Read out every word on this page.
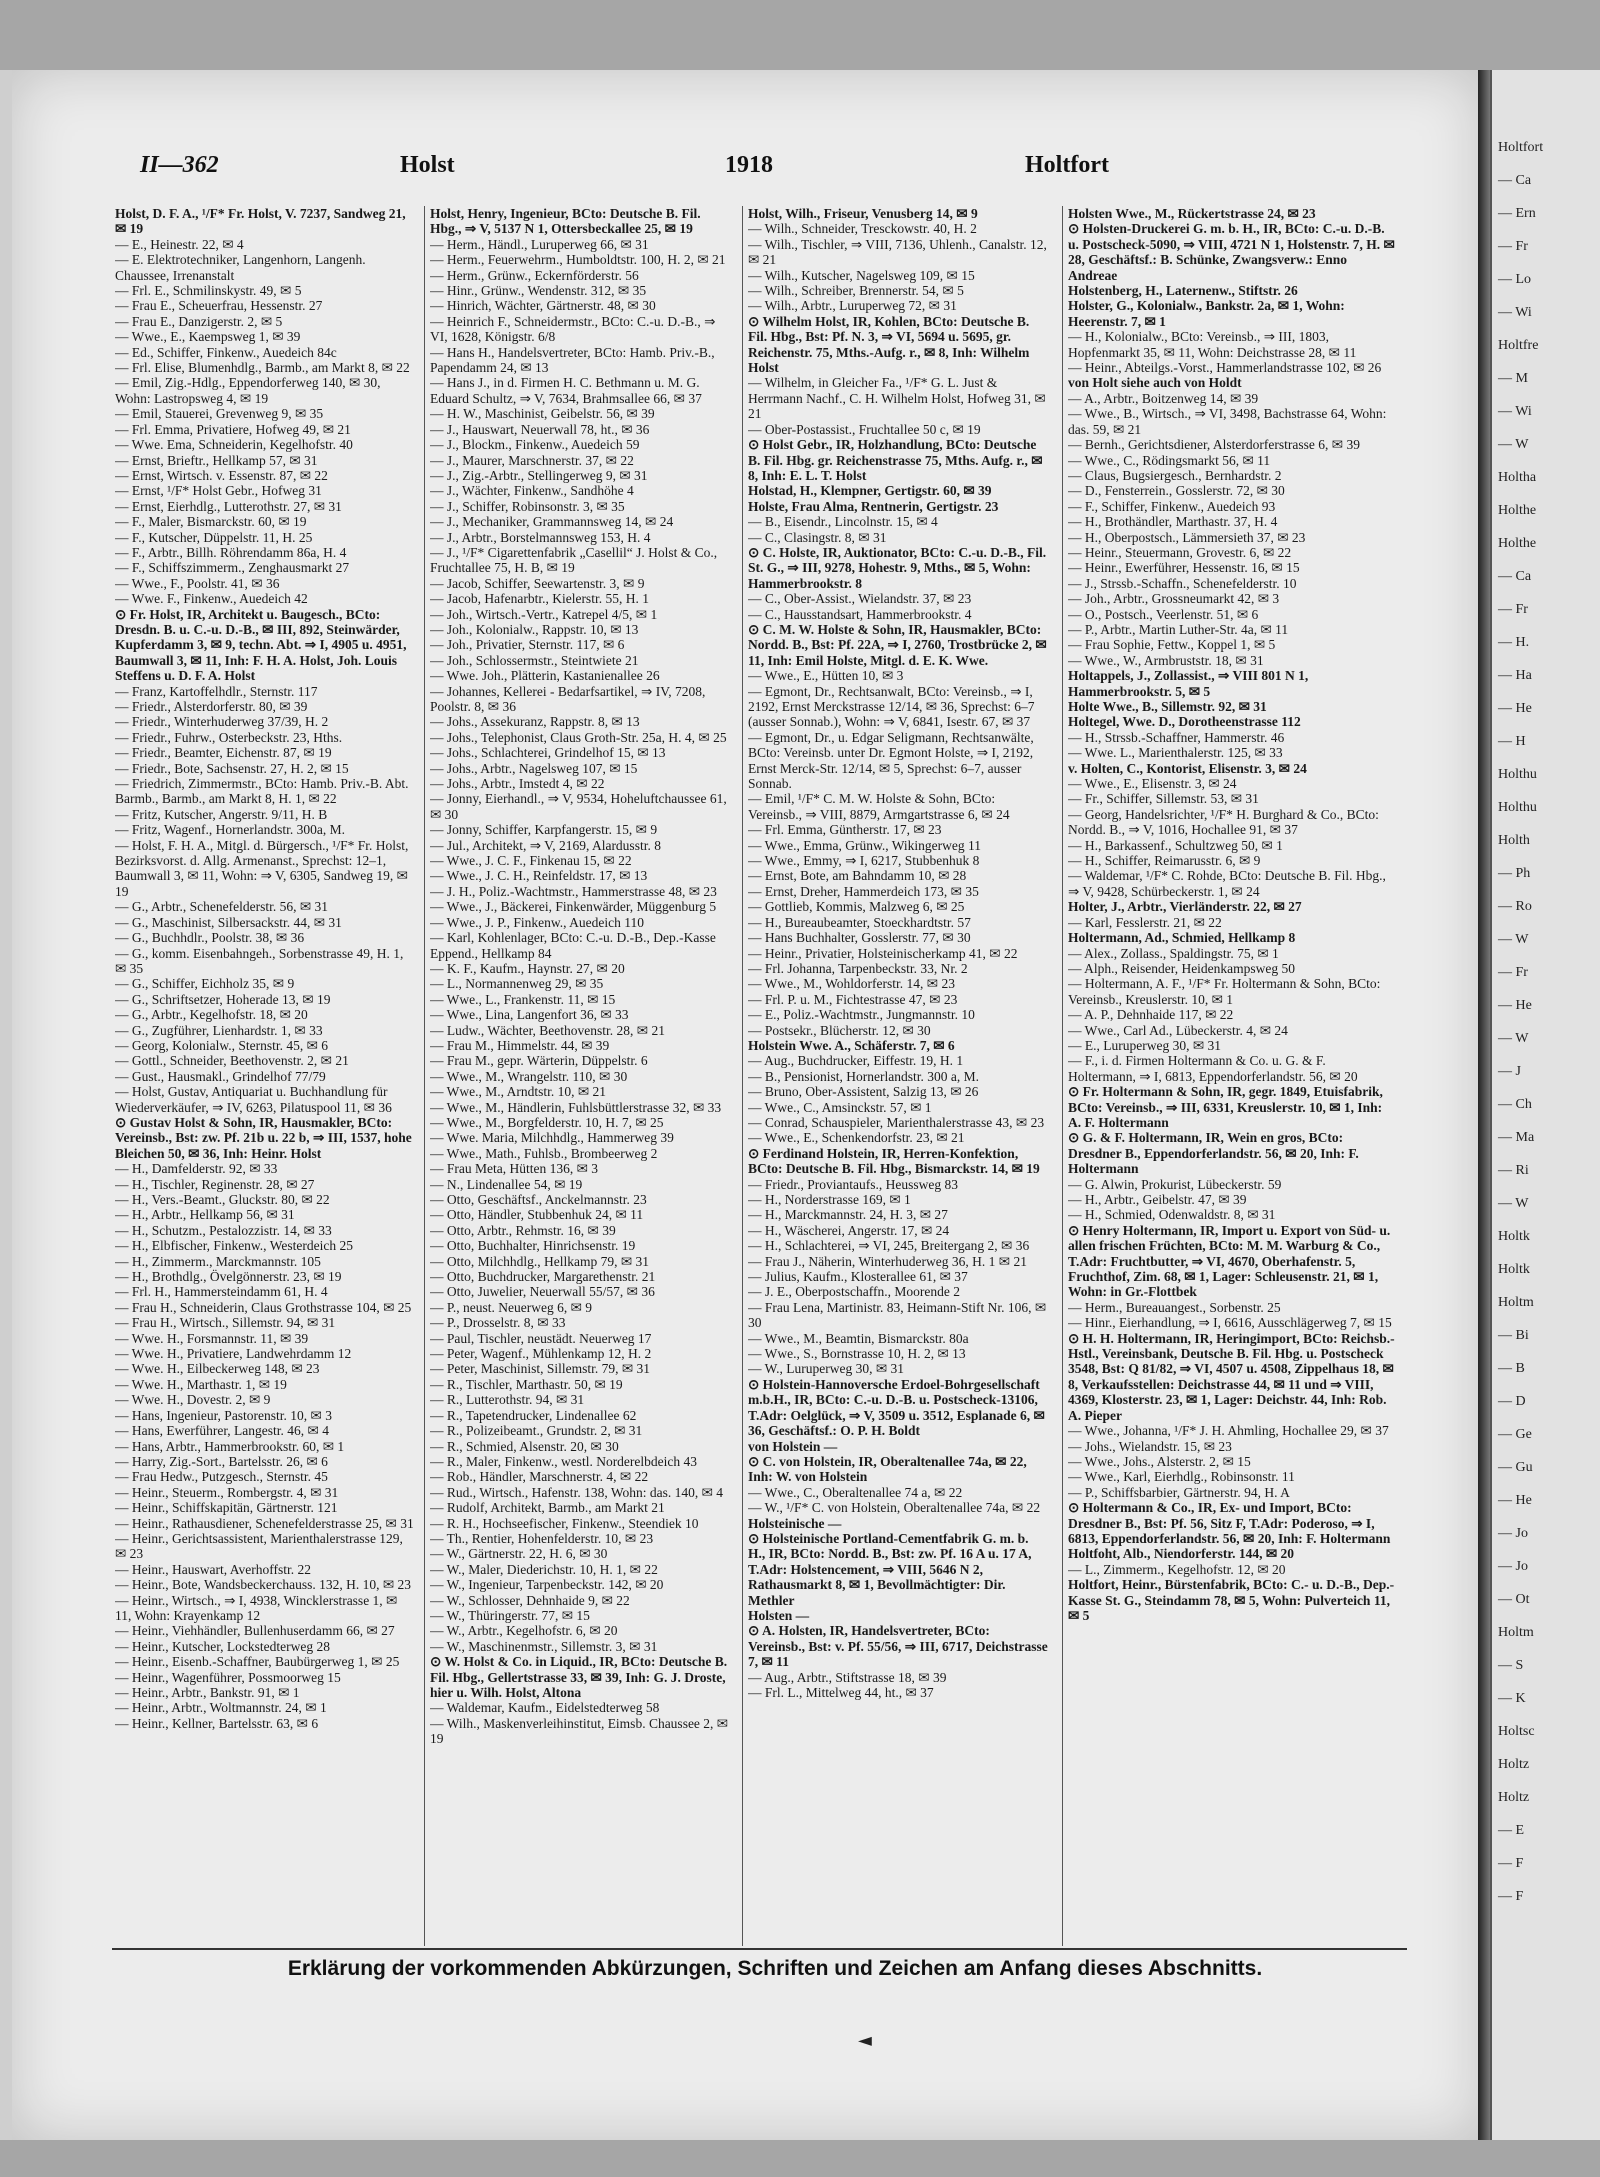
Holtfort
— Ca
— Ern
— Fr
— Lo
— Wi
Holtfre
— M
— Wi
— W
Holtha
Holthe
Holthe
— Ca
— Fr
— H.
— Ha
— He
— H
Holthu
Holthu
Holth
— Ph
— Ro
— W
— Fr
— He
— W
— J
— Ch
— Ma
— Ri
— W
Holtk
Holtk
Holtm
— Bi
— B
— D
— Ge
— Gu
— He
— Jo
— Jo
— Ot
Holtm
— S
— K
Holtsc
Holtz
Holtz
— E
— F
— F
II—362	Holst	1918	Holtfort
Holst, D. F. A., ¹/F* Fr. Holst, V. 7237, Sandweg 21, ✉ 19
— E., Heinestr. 22, ✉ 4
— E. Elektrotechniker, Langenhorn, Langenh. Chaussee, Irrenanstalt
— Frl. E., Schmilinskystr. 49, ✉ 5
— Frau E., Scheuerfrau, Hessenstr. 27
— Frau E., Danzigerstr. 2, ✉ 5
— Wwe., E., Kaempsweg 1, ✉ 39
— Ed., Schiffer, Finkenw., Auedeich 84c
— Frl. Elise, Blumenhdlg., Barmb., am Markt 8, ✉ 22
— Emil, Zig.-Hdlg., Eppendorferweg 140, ✉ 30, Wohn: Lastropsweg 4, ✉ 19
— Emil, Stauerei, Grevenweg 9, ✉ 35
— Frl. Emma, Privatiere, Hofweg 49, ✉ 21
— Wwe. Ema, Schneiderin, Kegelhofstr. 40
— Ernst, Brieftr., Hellkamp 57, ✉ 31
— Ernst, Wirtsch. v. Essenstr. 87, ✉ 22
— Ernst, ¹/F* Holst Gebr., Hofweg 31
— Ernst, Eierhdlg., Lutterothstr. 27, ✉ 31
— F., Maler, Bismarckstr. 60, ✉ 19
— F., Kutscher, Düppelstr. 11, H. 25
— F., Arbtr., Billh. Röhrendamm 86a, H. 4
— F., Schiffszimmerm., Zenghausmarkt 27
— Wwe., F., Poolstr. 41, ✉ 36
— Wwe. F., Finkenw., Auedeich 42
⊙ Fr. Holst, IR, Architekt u. Baugesch., BCto: Dresdn. B. u. C.-u. D.-B., ✉ III, 892, Steinwärder, Kupferdamm 3, ✉ 9, techn. Abt. ⇒ I, 4905 u. 4951, Baumwall 3, ✉ 11, Inh: F. H. A. Holst, Joh. Louis Steffens u. D. F. A. Holst
— Franz, Kartoffelhdlr., Sternstr. 117
— Friedr., Alsterdorferstr. 80, ✉ 39
— Friedr., Winterhuderweg 37/39, H. 2
— Friedr., Fuhrw., Osterbeckstr. 23, Hths.
— Friedr., Beamter, Eichenstr. 87, ✉ 19
— Friedr., Bote, Sachsenstr. 27, H. 2, ✉ 15
— Friedrich, Zimmermstr., BCto: Hamb. Priv.-B. Abt. Barmb., Barmb., am Markt 8, H. 1, ✉ 22
— Fritz, Kutscher, Angerstr. 9/11, H. B
— Fritz, Wagenf., Hornerlandstr. 300a, M.
— Holst, F. H. A., Mitgl. d. Bürgersch., ¹/F* Fr. Holst, Bezirksvorst. d. Allg. Armenanst., Sprechst: 12–1, Baumwall 3, ✉ 11, Wohn: ⇒ V, 6305, Sandweg 19, ✉ 19
— G., Arbtr., Schenefelderstr. 56, ✉ 31
— G., Maschinist, Silbersackstr. 44, ✉ 31
— G., Buchhdlr., Poolstr. 38, ✉ 36
— G., komm. Eisenbahngeh., Sorbenstrasse 49, H. 1, ✉ 35
— G., Schiffer, Eichholz 35, ✉ 9
— G., Schriftsetzer, Hoherade 13, ✉ 19
— G., Arbtr., Kegelhofstr. 18, ✉ 20
— G., Zugführer, Lienhardstr. 1, ✉ 33
— Georg, Kolonialw., Sternstr. 45, ✉ 6
— Gottl., Schneider, Beethovenstr. 2, ✉ 21
— Gust., Hausmakl., Grindelhof 77/79
— Holst, Gustav, Antiquariat u. Buchhandlung für Wiederverkäufer, ⇒ IV, 6263, Pilatuspool 11, ✉ 36
⊙ Gustav Holst & Sohn, IR, Hausmakler, BCto: Vereinsb., Bst: zw. Pf. 21b u. 22 b, ⇒ III, 1537, hohe Bleichen 50, ✉ 36, Inh: Heinr. Holst
— H., Damfelderstr. 92, ✉ 33
— H., Tischler, Reginenstr. 28, ✉ 27
— H., Vers.-Beamt., Gluckstr. 80, ✉ 22
— H., Arbtr., Hellkamp 56, ✉ 31
— H., Schutzm., Pestalozzistr. 14, ✉ 33
— H., Elbfischer, Finkenw., Westerdeich 25
— H., Zimmerm., Marckmannstr. 105
— H., Brothdlg., Övelgönnerstr. 23, ✉ 19
— Frl. H., Hammersteindamm 61, H. 4
— Frau H., Schneiderin, Claus Grothstrasse 104, ✉ 25
— Frau H., Wirtsch., Sillemstr. 94, ✉ 31
— Wwe. H., Forsmannstr. 11, ✉ 39
— Wwe. H., Privatiere, Landwehrdamm 12
— Wwe. H., Eilbeckerweg 148, ✉ 23
— Wwe. H., Marthastr. 1, ✉ 19
— Wwe. H., Dovestr. 2, ✉ 9
— Hans, Ingenieur, Pastorenstr. 10, ✉ 3
— Hans, Ewerführer, Langestr. 46, ✉ 4
— Hans, Arbtr., Hammerbrookstr. 60, ✉ 1
— Harry, Zig.-Sort., Bartelsstr. 26, ✉ 6
— Frau Hedw., Putzgesch., Sternstr. 45
— Heinr., Steuerm., Rombergstr. 4, ✉ 31
— Heinr., Schiffskapitän, Gärtnerstr. 121
— Heinr., Rathausdiener, Schenefelderstrasse 25, ✉ 31
— Heinr., Gerichtsassistent, Marienthalerstrasse 129, ✉ 23
— Heinr., Hauswart, Averhoffstr. 22
— Heinr., Bote, Wandsbeckerchauss. 132, H. 10, ✉ 23
— Heinr., Wirtsch., ⇒ I, 4938, Wincklerstrasse 1, ✉ 11, Wohn: Krayenkamp 12
— Heinr., Viehhändler, Bullenhuserdamm 66, ✉ 27
— Heinr., Kutscher, Lockstedterweg 28
— Heinr., Eisenb.-Schaffner, Baubürgerweg 1, ✉ 25
— Heinr., Wagenführer, Possmoorweg 15
— Heinr., Arbtr., Bankstr. 91, ✉ 1
— Heinr., Arbtr., Woltmannstr. 24, ✉ 1
— Heinr., Kellner, Bartelsstr. 63, ✉ 6
Holst, Henry, Ingenieur, BCto: Deutsche B. Fil. Hbg., ⇒ V, 5137 N 1, Ottersbeckallee 25, ✉ 19
— Herm., Händl., Luruperweg 66, ✉ 31
— Herm., Feuerwehrm., Humboldtstr. 100, H. 2, ✉ 21
— Herm., Grünw., Eckernförderstr. 56
— Hinr., Grünw., Wendenstr. 312, ✉ 35
— Hinrich, Wächter, Gärtnerstr. 48, ✉ 30
— Heinrich F., Schneidermstr., BCto: C.-u. D.-B., ⇒ VI, 1628, Königstr. 6/8
— Hans H., Handelsvertreter, BCto: Hamb. Priv.-B., Papendamm 24, ✉ 13
— Hans J., in d. Firmen H. C. Bethmann u. M. G. Eduard Schultz, ⇒ V, 7634, Brahmsallee 66, ✉ 37
— H. W., Maschinist, Geibelstr. 56, ✉ 39
— J., Hauswart, Neuerwall 78, ht., ✉ 36
— J., Blockm., Finkenw., Auedeich 59
— J., Maurer, Marschnerstr. 37, ✉ 22
— J., Zig.-Arbtr., Stellingerweg 9, ✉ 31
— J., Wächter, Finkenw., Sandhöhe 4
— J., Schiffer, Robinsonstr. 3, ✉ 35
— J., Mechaniker, Grammannsweg 14, ✉ 24
— J., Arbtr., Borstelmannsweg 153, H. 4
— J., ¹/F* Cigarettenfabrik „Casellil“ J. Holst & Co., Fruchtallee 75, H. B, ✉ 19
— Jacob, Schiffer, Seewartenstr. 3, ✉ 9
— Jacob, Hafenarbtr., Kielerstr. 55, H. 1
— Joh., Wirtsch.-Vertr., Katrepel 4/5, ✉ 1
— Joh., Kolonialw., Rappstr. 10, ✉ 13
— Joh., Privatier, Sternstr. 117, ✉ 6
— Joh., Schlossermstr., Steintwiete 21
— Wwe. Joh., Plätterin, Kastanienallee 26
— Johannes, Kellerei - Bedarfsartikel, ⇒ IV, 7208, Poolstr. 8, ✉ 36
— Johs., Assekuranz, Rappstr. 8, ✉ 13
— Johs., Telephonist, Claus Groth-Str. 25a, H. 4, ✉ 25
— Johs., Schlachterei, Grindelhof 15, ✉ 13
— Johs., Arbtr., Nagelsweg 107, ✉ 15
— Johs., Arbtr., Imstedt 4, ✉ 22
— Jonny, Eierhandl., ⇒ V, 9534, Hoheluftchaussee 61, ✉ 30
— Jonny, Schiffer, Karpfangerstr. 15, ✉ 9
— Jul., Architekt, ⇒ V, 2169, Alardusstr. 8
— Wwe., J. C. F., Finkenau 15, ✉ 22
— Wwe., J. C. H., Reinfeldstr. 17, ✉ 13
— J. H., Poliz.-Wachtmstr., Hammerstrasse 48, ✉ 23
— Wwe., J., Bäckerei, Finkenwärder, Müggenburg 5
— Wwe., J. P., Finkenw., Auedeich 110
— Karl, Kohlenlager, BCto: C.-u. D.-B., Dep.-Kasse Eppend., Hellkamp 84
— K. F., Kaufm., Haynstr. 27, ✉ 20
— L., Normannenweg 29, ✉ 35
— Wwe., L., Frankenstr. 11, ✉ 15
— Wwe., Lina, Langenfort 36, ✉ 33
— Ludw., Wächter, Beethovenstr. 28, ✉ 21
— Frau M., Himmelstr. 44, ✉ 39
— Frau M., gepr. Wärterin, Düppelstr. 6
— Wwe., M., Wrangelstr. 110, ✉ 30
— Wwe., M., Arndtstr. 10, ✉ 21
— Wwe., M., Händlerin, Fuhlsbüttlerstrasse 32, ✉ 33
— Wwe., M., Borgfelderstr. 10, H. 7, ✉ 25
— Wwe. Maria, Milchhdlg., Hammerweg 39
— Wwe., Math., Fuhlsb., Brombeerweg 2
— Frau Meta, Hütten 136, ✉ 3
— N., Lindenallee 54, ✉ 19
— Otto, Geschäftsf., Anckelmannstr. 23
— Otto, Händler, Stubbenhuk 24, ✉ 11
— Otto, Arbtr., Rehmstr. 16, ✉ 39
— Otto, Buchhalter, Hinrichsenstr. 19
— Otto, Milchhdlg., Hellkamp 79, ✉ 31
— Otto, Buchdrucker, Margarethenstr. 21
— Otto, Juwelier, Neuerwall 55/57, ✉ 36
— P., neust. Neuerweg 6, ✉ 9
— P., Drosselstr. 8, ✉ 33
— Paul, Tischler, neustädt. Neuerweg 17
— Peter, Wagenf., Mühlenkamp 12, H. 2
— Peter, Maschinist, Sillemstr. 79, ✉ 31
— R., Tischler, Marthastr. 50, ✉ 19
— R., Lutterothstr. 94, ✉ 31
— R., Tapetendrucker, Lindenallee 62
— R., Polizeibeamt., Grundstr. 2, ✉ 31
— R., Schmied, Alsenstr. 20, ✉ 30
— R., Maler, Finkenw., westl. Norderelbdeich 43
— Rob., Händler, Marschnerstr. 4, ✉ 22
— Rud., Wirtsch., Hafenstr. 138, Wohn: das. 140, ✉ 4
— Rudolf, Architekt, Barmb., am Markt 21
— R. H., Hochseefischer, Finkenw., Steendiek 10
— Th., Rentier, Hohenfelderstr. 10, ✉ 23
— W., Gärtnerstr. 22, H. 6, ✉ 30
— W., Maler, Diederichstr. 10, H. 1, ✉ 22
— W., Ingenieur, Tarpenbeckstr. 142, ✉ 20
— W., Schlosser, Dehnhaide 9, ✉ 22
— W., Thüringerstr. 77, ✉ 15
— W., Arbtr., Kegelhofstr. 6, ✉ 20
— W., Maschinenmstr., Sillemstr. 3, ✉ 31
⊙ W. Holst & Co. in Liquid., IR, BCto: Deutsche B. Fil. Hbg., Gellertstrasse 33, ✉ 39, Inh: G. J. Droste, hier u. Wilh. Holst, Altona
— Waldemar, Kaufm., Eidelstedterweg 58
— Wilh., Maskenverleihinstitut, Eimsb. Chaussee 2, ✉ 19
Holst, Wilh., Friseur, Venusberg 14, ✉ 9
— Wilh., Schneider, Tresckowstr. 40, H. 2
— Wilh., Tischler, ⇒ VIII, 7136, Uhlenh., Canalstr. 12, ✉ 21
— Wilh., Kutscher, Nagelsweg 109, ✉ 15
— Wilh., Schreiber, Brennerstr. 54, ✉ 5
— Wilh., Arbtr., Luruperweg 72, ✉ 31
⊙ Wilhelm Holst, IR, Kohlen, BCto: Deutsche B. Fil. Hbg., Bst: Pf. N. 3, ⇒ VI, 5694 u. 5695, gr. Reichenstr. 75, Mths.-Aufg. r., ✉ 8, Inh: Wilhelm Holst
— Wilhelm, in Gleicher Fa., ¹/F* G. L. Just & Herrmann Nachf., C. H. Wilhelm Holst, Hofweg 31, ✉ 21
— Ober-Postassist., Fruchtallee 50 c, ✉ 19
⊙ Holst Gebr., IR, Holzhandlung, BCto: Deutsche B. Fil. Hbg. gr. Reichenstrasse 75, Mths. Aufg. r., ✉ 8, Inh: E. L. T. Holst
Holstad, H., Klempner, Gertigstr. 60, ✉ 39
Holste, Frau Alma, Rentnerin, Gertigstr. 23
— B., Eisendr., Lincolnstr. 15, ✉ 4
— C., Clasingstr. 8, ✉ 31
⊙ C. Holste, IR, Auktionator, BCto: C.-u. D.-B., Fil. St. G., ⇒ III, 9278, Hohestr. 9, Mths., ✉ 5, Wohn: Hammerbrookstr. 8
— C., Ober-Assist., Wielandstr. 37, ✉ 23
— C., Hausstandsart, Hammerbrookstr. 4
⊙ C. M. W. Holste & Sohn, IR, Hausmakler, BCto: Nordd. B., Bst: Pf. 22A, ⇒ I, 2760, Trostbrücke 2, ✉ 11, Inh: Emil Holste, Mitgl. d. E. K. Wwe.
— Wwe., E., Hütten 10, ✉ 3
— Egmont, Dr., Rechtsanwalt, BCto: Vereinsb., ⇒ I, 2192, Ernst Merckstrasse 12/14, ✉ 36, Sprechst: 6–7 (ausser Sonnab.), Wohn: ⇒ V, 6841, Isestr. 67, ✉ 37
— Egmont, Dr., u. Edgar Seligmann, Rechtsanwälte, BCto: Vereinsb. unter Dr. Egmont Holste, ⇒ I, 2192, Ernst Merck-Str. 12/14, ✉ 5, Sprechst: 6–7, ausser Sonnab.
— Emil, ¹/F* C. M. W. Holste & Sohn, BCto: Vereinsb., ⇒ VIII, 8879, Armgartstrasse 6, ✉ 24
— Frl. Emma, Güntherstr. 17, ✉ 23
— Wwe., Emma, Grünw., Wikingerweg 11
— Wwe., Emmy, ⇒ I, 6217, Stubbenhuk 8
— Ernst, Bote, am Bahndamm 10, ✉ 28
— Ernst, Dreher, Hammerdeich 173, ✉ 35
— Gottlieb, Kommis, Malzweg 6, ✉ 25
— H., Bureaubeamter, Stoeckhardtstr. 57
— Hans Buchhalter, Gosslerstr. 77, ✉ 30
— Heinr., Privatier, Holsteinischerkamp 41, ✉ 22
— Frl. Johanna, Tarpenbeckstr. 33, Nr. 2
— Wwe., M., Wohldorferstr. 14, ✉ 23
— Frl. P. u. M., Fichtestrasse 47, ✉ 23
— E., Poliz.-Wachtmstr., Jungmannstr. 10
— Postsekr., Blücherstr. 12, ✉ 30
Holstein Wwe. A., Schäferstr. 7, ✉ 6
— Aug., Buchdrucker, Eiffestr. 19, H. 1
— B., Pensionist, Hornerlandstr. 300 a, M.
— Bruno, Ober-Assistent, Salzig 13, ✉ 26
— Wwe., C., Amsinckstr. 57, ✉ 1
— Conrad, Schauspieler, Marienthalerstrasse 43, ✉ 23
— Wwe., E., Schenkendorfstr. 23, ✉ 21
⊙ Ferdinand Holstein, IR, Herren-Konfektion, BCto: Deutsche B. Fil. Hbg., Bismarckstr. 14, ✉ 19
— Friedr., Proviantaufs., Heussweg 83
— H., Norderstrasse 169, ✉ 1
— H., Marckmannstr. 24, H. 3, ✉ 27
— H., Wäscherei, Angerstr. 17, ✉ 24
— H., Schlachterei, ⇒ VI, 245, Breitergang 2, ✉ 36
— Frau J., Näherin, Winterhuderweg 36, H. 1 ✉ 21
— Julius, Kaufm., Klosterallee 61, ✉ 37
— J. E., Oberpostschaffn., Moorende 2
— Frau Lena, Martinistr. 83, Heimann-Stift Nr. 106, ✉ 30
— Wwe., M., Beamtin, Bismarckstr. 80a
— Wwe., S., Bornstrasse 10, H. 2, ✉ 13
— W., Luruperweg 30, ✉ 31
⊙ Holstein-Hannoversche Erdoel-Bohrgesellschaft m.b.H., IR, BCto: C.-u. D.-B. u. Postscheck-13106, T.Adr: Oelglück, ⇒ V, 3509 u. 3512, Esplanade 6, ✉ 36, Geschäftsf.: O. P. H. Boldt
von Holstein —
⊙ C. von Holstein, IR, Oberaltenallee 74a, ✉ 22, Inh: W. von Holstein
— Wwe., C., Oberaltenallee 74 a, ✉ 22
— W., ¹/F* C. von Holstein, Oberaltenallee 74a, ✉ 22
Holsteinische —
⊙ Holsteinische Portland-Cementfabrik G. m. b. H., IR, BCto: Nordd. B., Bst: zw. Pf. 16 A u. 17 A, T.Adr: Holstencement, ⇒ VIII, 5646 N 2, Rathausmarkt 8, ✉ 1, Bevollmächtigter: Dir. Methler
Holsten —
⊙ A. Holsten, IR, Handelsvertreter, BCto: Vereinsb., Bst: v. Pf. 55/56, ⇒ III, 6717, Deichstrasse 7, ✉ 11
— Aug., Arbtr., Stiftstrasse 18, ✉ 39
— Frl. L., Mittelweg 44, ht., ✉ 37
Holsten Wwe., M., Rückertstrasse 24, ✉ 23
⊙ Holsten-Druckerei G. m. b. H., IR, BCto: C.-u. D.-B. u. Postscheck-5090, ⇒ VIII, 4721 N 1, Holstenstr. 7, H. ✉ 28, Geschäftsf.: B. Schünke, Zwangsverw.: Enno Andreae
Holstenberg, H., Laternenw., Stiftstr. 26
Holster, G., Kolonialw., Bankstr. 2a, ✉ 1, Wohn: Heerenstr. 7, ✉ 1
— H., Kolonialw., BCto: Vereinsb., ⇒ III, 1803, Hopfenmarkt 35, ✉ 11, Wohn: Deichstrasse 28, ✉ 11
— Heinr., Abteilgs.-Vorst., Hammerlandstrasse 102, ✉ 26
von Holt siehe auch von Holdt
— A., Arbtr., Boitzenweg 14, ✉ 39
— Wwe., B., Wirtsch., ⇒ VI, 3498, Bachstrasse 64, Wohn: das. 59, ✉ 21
— Bernh., Gerichtsdiener, Alsterdorferstrasse 6, ✉ 39
— Wwe., C., Rödingsmarkt 56, ✉ 11
— Claus, Bugsiergesch., Bernhardstr. 2
— D., Fensterrein., Gosslerstr. 72, ✉ 30
— F., Schiffer, Finkenw., Auedeich 93
— H., Brothändler, Marthastr. 37, H. 4
— H., Oberpostsch., Lämmersieth 37, ✉ 23
— Heinr., Steuermann, Grovestr. 6, ✉ 22
— Heinr., Ewerführer, Hessenstr. 16, ✉ 15
— J., Strssb.-Schaffn., Schenefelderstr. 10
— Joh., Arbtr., Grossneumarkt 42, ✉ 3
— O., Postsch., Veerlenstr. 51, ✉ 6
— P., Arbtr., Martin Luther-Str. 4a, ✉ 11
— Frau Sophie, Fettw., Koppel 1, ✉ 5
— Wwe., W., Armbruststr. 18, ✉ 31
Holtappels, J., Zollassist., ⇒ VIII 801 N 1, Hammerbrookstr. 5, ✉ 5
Holte Wwe., B., Sillemstr. 92, ✉ 31
Holtegel, Wwe. D., Dorotheenstrasse 112
— H., Strssb.-Schaffner, Hammerstr. 46
— Wwe. L., Marienthalerstr. 125, ✉ 33
v. Holten, C., Kontorist, Elisenstr. 3, ✉ 24
— Wwe., E., Elisenstr. 3, ✉ 24
— Fr., Schiffer, Sillemstr. 53, ✉ 31
— Georg, Handelsrichter, ¹/F* H. Burghard & Co., BCto: Nordd. B., ⇒ V, 1016, Hochallee 91, ✉ 37
— H., Barkassenf., Schultzweg 50, ✉ 1
— H., Schiffer, Reimarusstr. 6, ✉ 9
— Waldemar, ¹/F* C. Rohde, BCto: Deutsche B. Fil. Hbg., ⇒ V, 9428, Schürbeckerstr. 1, ✉ 24
Holter, J., Arbtr., Vierländerstr. 22, ✉ 27
— Karl, Fesslerstr. 21, ✉ 22
Holtermann, Ad., Schmied, Hellkamp 8
— Alex., Zollass., Spaldingstr. 75, ✉ 1
— Alph., Reisender, Heidenkampsweg 50
— Holtermann, A. F., ¹/F* Fr. Holtermann & Sohn, BCto: Vereinsb., Kreuslerstr. 10, ✉ 1
— A. P., Dehnhaide 117, ✉ 22
— Wwe., Carl Ad., Lübeckerstr. 4, ✉ 24
— E., Luruperweg 30, ✉ 31
— F., i. d. Firmen Holtermann & Co. u. G. & F. Holtermann, ⇒ I, 6813, Eppendorferlandstr. 56, ✉ 20
⊙ Fr. Holtermann & Sohn, IR, gegr. 1849, Etuisfabrik, BCto: Vereinsb., ⇒ III, 6331, Kreuslerstr. 10, ✉ 1, Inh: A. F. Holtermann
⊙ G. & F. Holtermann, IR, Wein en gros, BCto: Dresdner B., Eppendorferlandstr. 56, ✉ 20, Inh: F. Holtermann
— G. Alwin, Prokurist, Lübeckerstr. 59
— H., Arbtr., Geibelstr. 47, ✉ 39
— H., Schmied, Odenwaldstr. 8, ✉ 31
⊙ Henry Holtermann, IR, Import u. Export von Süd- u. allen frischen Früchten, BCto: M. M. Warburg & Co., T.Adr: Fruchtbutter, ⇒ VI, 4670, Oberhafenstr. 5, Fruchthof, Zim. 68, ✉ 1, Lager: Schleusenstr. 21, ✉ 1, Wohn: in Gr.-Flottbek
— Herm., Bureauangest., Sorbenstr. 25
— Hinr., Eierhandlung, ⇒ I, 6616, Ausschlägerweg 7, ✉ 15
⊙ H. H. Holtermann, IR, Heringimport, BCto: Reichsb.-Hstl., Vereinsbank, Deutsche B. Fil. Hbg. u. Postscheck 3548, Bst: Q 81/82, ⇒ VI, 4507 u. 4508, Zippelhaus 18, ✉ 8, Verkaufsstellen: Deichstrasse 44, ✉ 11 und ⇒ VIII, 4369, Klosterstr. 23, ✉ 1, Lager: Deichstr. 44, Inh: Rob. A. Pieper
— Wwe., Johanna, ¹/F* J. H. Ahmling, Hochallee 29, ✉ 37
— Johs., Wielandstr. 15, ✉ 23
— Wwe., Johs., Alsterstr. 2, ✉ 15
— Wwe., Karl, Eierhdlg., Robinsonstr. 11
— P., Schiffsbarbier, Gärtnerstr. 94, H. A
⊙ Holtermann & Co., IR, Ex- und Import, BCto: Dresdner B., Bst: Pf. 56, Sitz F, T.Adr: Poderoso, ⇒ I, 6813, Eppendorferlandstr. 56, ✉ 20, Inh: F. Holtermann
Holtfoht, Alb., Niendorferstr. 144, ✉ 20
— L., Zimmerm., Kegelhofstr. 12, ✉ 20
Holtfort, Heinr., Bürstenfabrik, BCto: C.- u. D.-B., Dep.-Kasse St. G., Steindamm 78, ✉ 5, Wohn: Pulverteich 11, ✉ 5
Erklärung der vorkommenden Abkürzungen, Schriften und Zeichen am Anfang dieses Abschnitts.
◄
